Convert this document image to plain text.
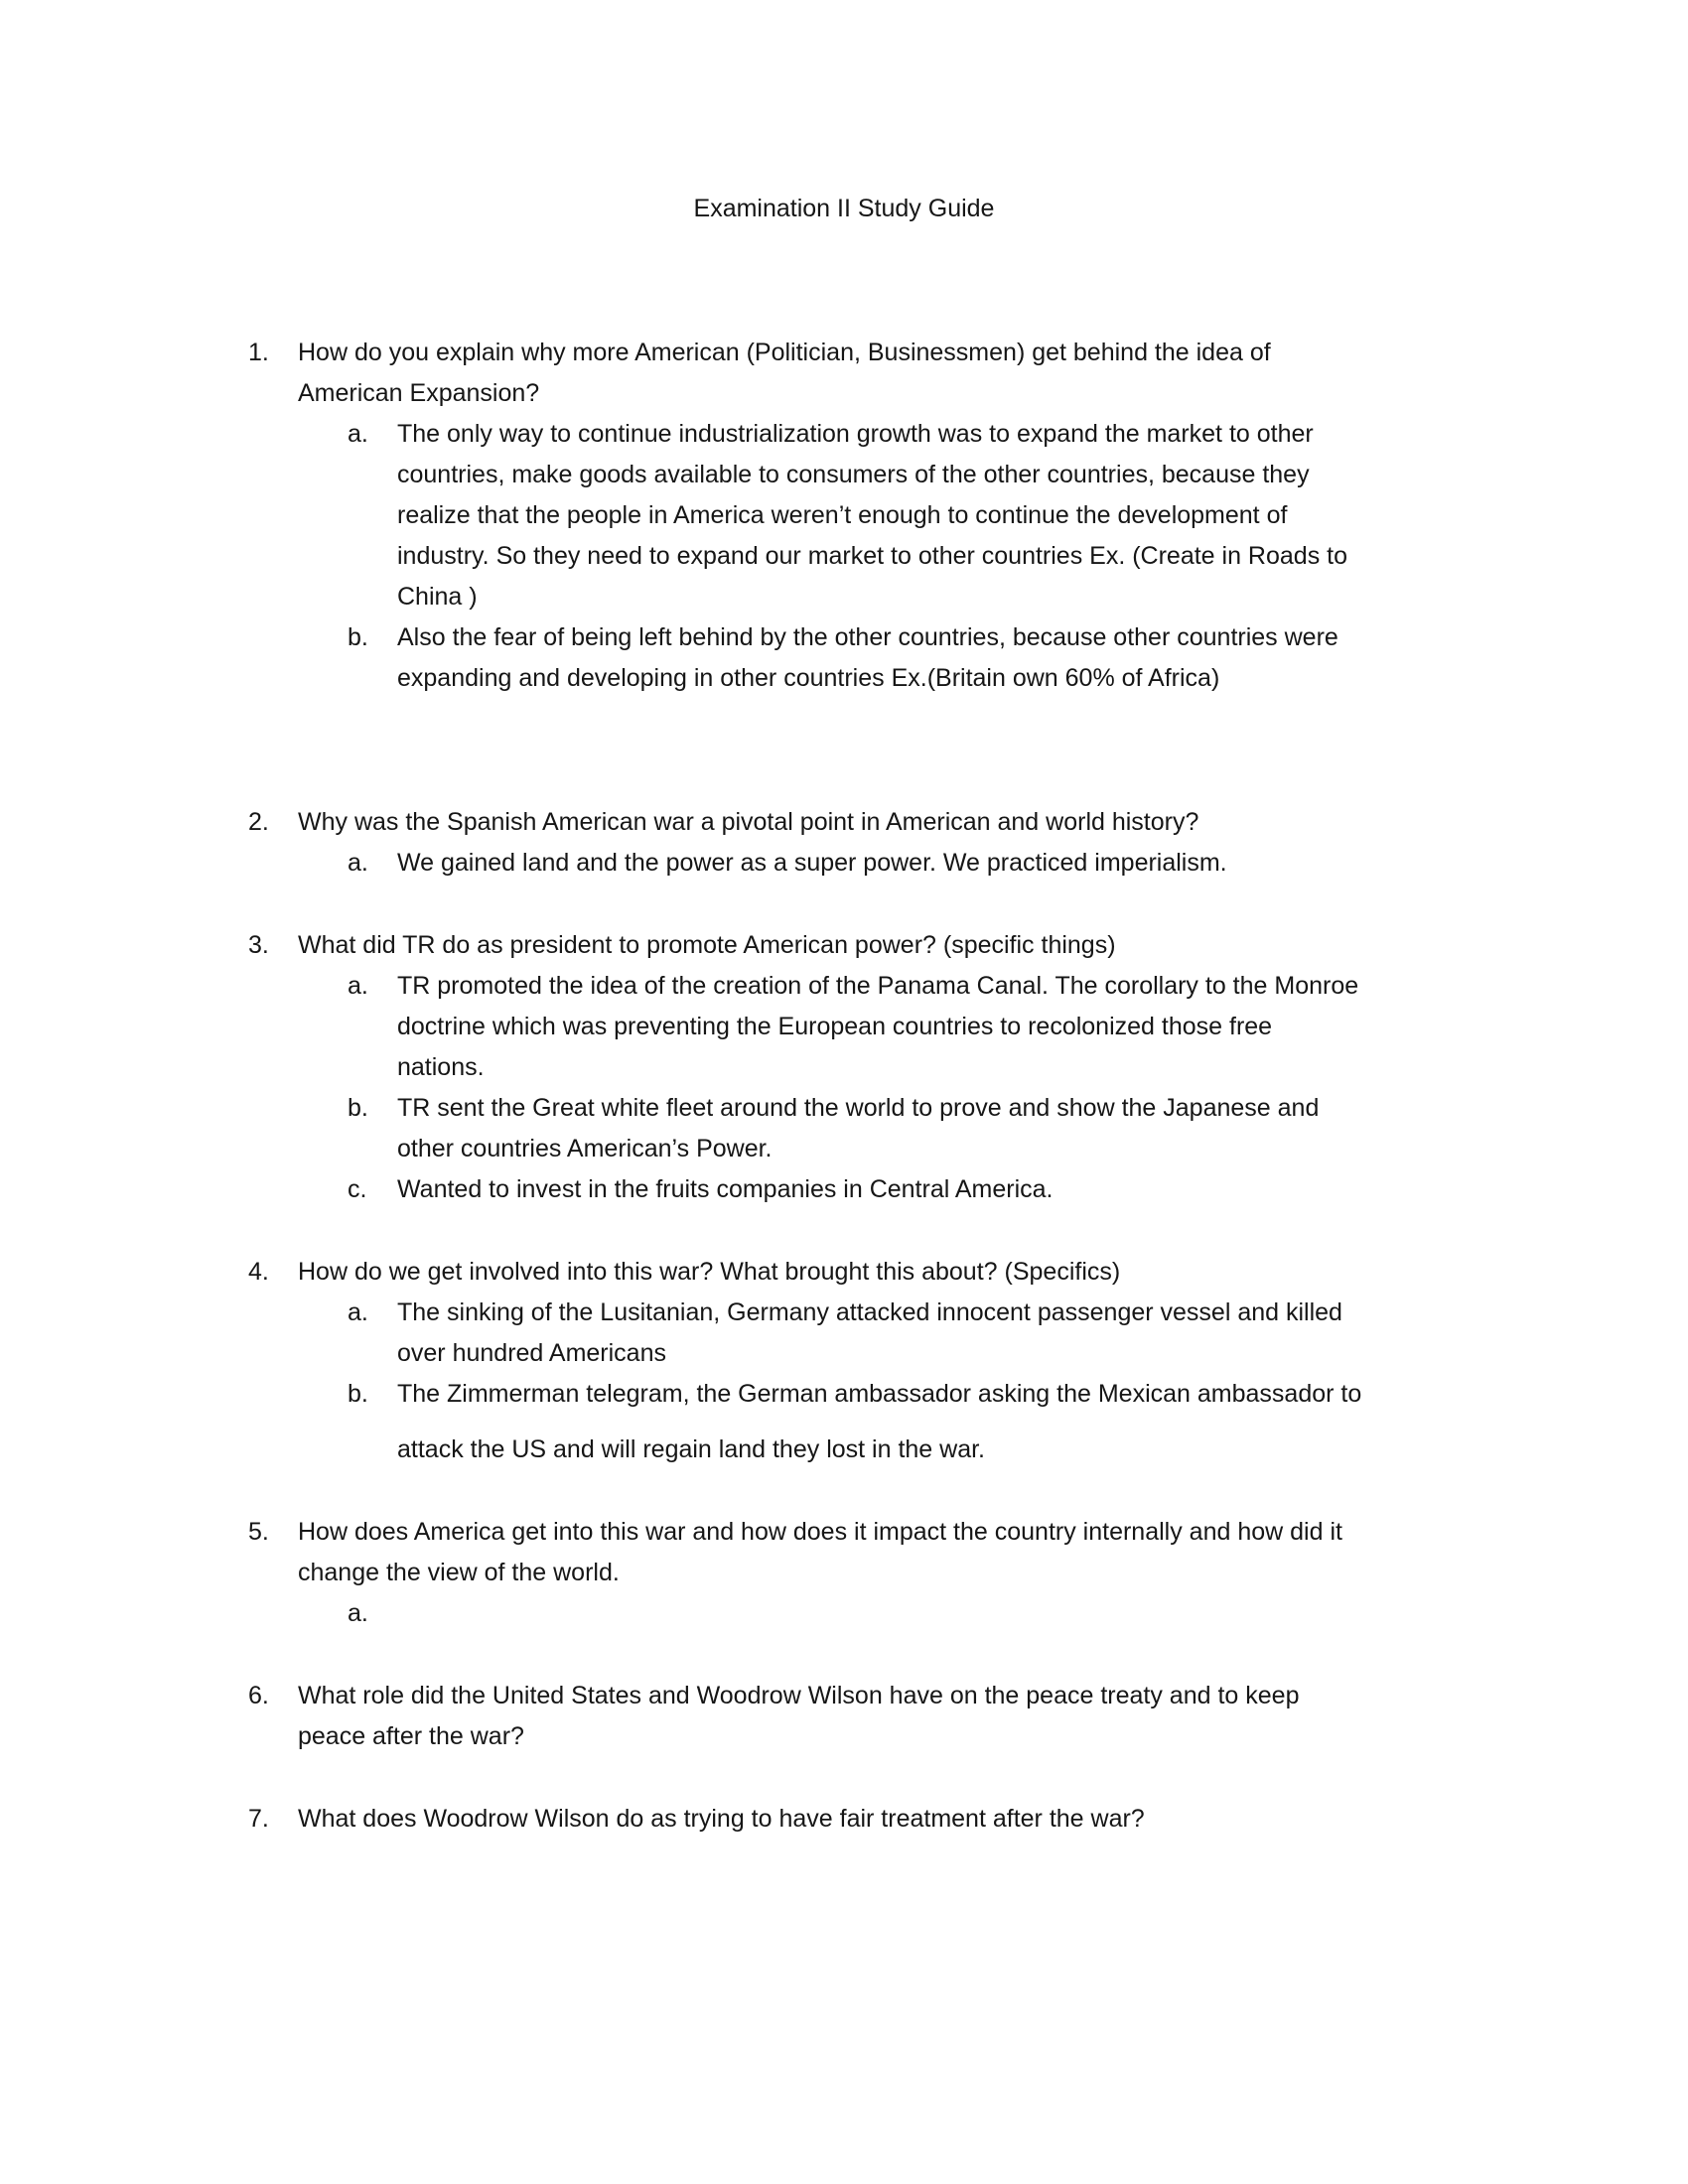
Examination II Study Guide
1.	How do you explain why more American (Politician, Businessmen) get behind the idea of
American Expansion?
a.	The only way to continue industrialization growth was to expand the market to other
countries, make goods available to consumers of the other countries, because they
realize that the people in America weren’t enough to continue the development of
industry. So they need to expand our market to other countries Ex. (Create in Roads to
China )
b.	Also the fear of being left behind by the other countries, because other countries were
expanding and developing in other countries Ex.(Britain own 60% of Africa)
2.	Why was the Spanish American war a pivotal point in American and world history?
a.	We gained land and the power as a super power. We practiced imperialism.
3.	What did TR do as president to promote American power? (specific things)
a.	TR promoted the idea of the creation of the Panama Canal. The corollary to the Monroe
doctrine which was preventing the European countries to recolonized those free
nations.
b.	TR sent the Great white fleet around the world to prove and show the Japanese and
other countries American’s Power.
c.	Wanted to invest in the fruits companies in Central America.
4.	How do we get involved into this war? What brought this about? (Specifics)
a.	The sinking of the Lusitanian, Germany attacked innocent passenger vessel and killed
over hundred Americans
b.	The Zimmerman telegram, the German ambassador asking the Mexican ambassador to
attack the US and will regain land they lost in the war.
5.	How does America get into this war and how does it impact the country internally and how did it
change the view of the world.
a.
6.	What role did the United States and Woodrow Wilson have on the peace treaty and to keep
peace after the war?
7.	What does Woodrow Wilson do as trying to have fair treatment after the war?
